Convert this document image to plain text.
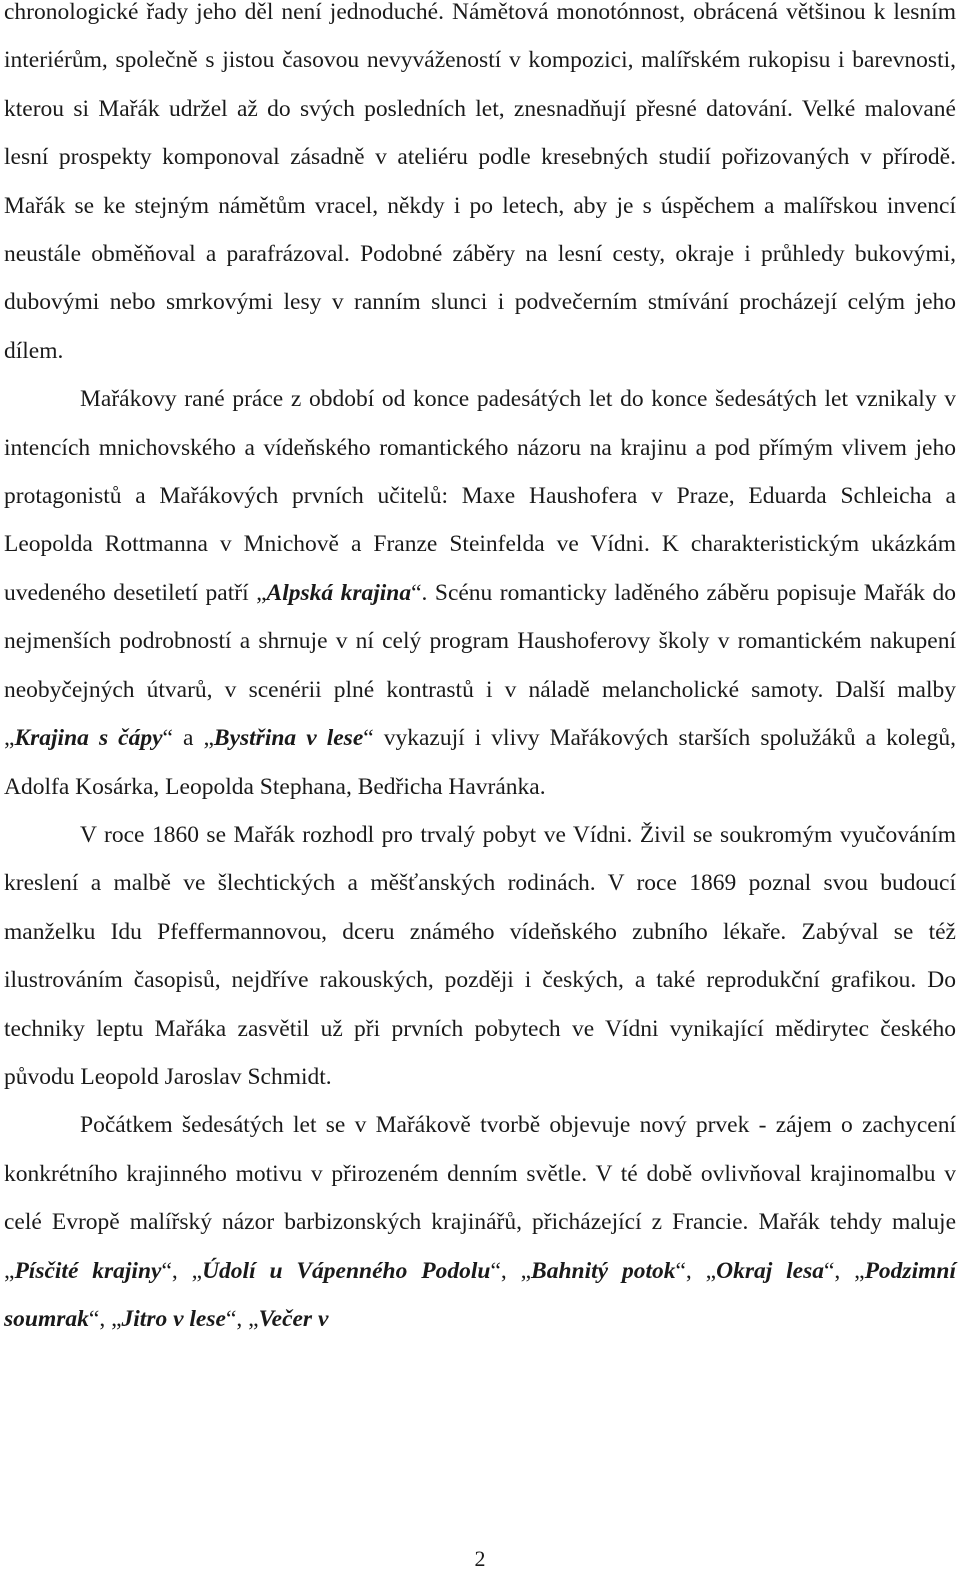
chronologické řady jeho děl není jednoduché. Námětová monotónnost, obrácená většinou k lesním interiérům, společně s jistou časovou nevyvážeností v kompozici, malířském rukopisu i barevnosti, kterou si Mařák udržel až do svých posledních let, znesnadňují přesné datování. Velké malované lesní prospekty komponoval zásadně v ateliéru podle kresebných studií pořizovaných v přírodě. Mařák se ke stejným námětům vracel, někdy i po letech, aby je s úspěchem a malířskou invencí neustále obměňoval a parafrázoval. Podobné záběry na lesní cesty, okraje i průhledy bukovými, dubovými nebo smrkovými lesy v ranním slunci i podvečerním stmívání procházejí celým jeho dílem.

Mařákovy rané práce z období od konce padesátých let do konce šedesátých let vznikaly v intencích mnichovského a vídeňského romantického názoru na krajinu a pod přímým vlivem jeho protagonistů a Mařákových prvních učitelů: Maxe Haushofera v Praze, Eduarda Schleicha a Leopolda Rottmanna v Mnichově a Franze Steinfelda ve Vídni. K charakteristickým ukázkám uvedeného desetiletí patří „Alpská krajina“. Scénu romanticky laděného záběru popisuje Mařák do nejmenších podrobností a shrnuje v ní celý program Haushoferovy školy v romantickém nakupení neobyčejných útvarů, v scenérii plné kontrastů i v náladě melancholické samoty. Další malby „Krajina s čápy“ a „Bystřina v lese“ vykazují i vlivy Mařákových starších spolužáků a kolegů, Adolfa Kosárka, Leopolda Stephana, Bedřicha Havránka.

V roce 1860 se Mařák rozhodl pro trvalý pobyt ve Vídni. Živil se soukromým vyučováním kreslení a malbě ve šlechtických a měšťanských rodinách. V roce 1869 poznal svou budoucí manželku Idu Pfeffermannovou, dceru známého vídeňského zubního lékaře. Zabýval se též ilustrováním časopisů, nejdříve rakouských, později i českých, a také reprodukční grafikou. Do techniky leptu Mařáka zasvětil už při prvních pobytech ve Vídni vynikající mědirytec českého původu Leopold Jaroslav Schmidt.

Počátkem šedesátých let se v Mařákově tvorbě objevuje nový prvek - zájem o zachycení konkrétního krajinného motivu v přirozeném denním světle. V té době ovlivňoval krajinomalbu v celé Evropě malířský názor barbizonských krajinářů, přicházející z Francie. Mařák tehdy maluje „Písčité krajiny“, „Údolí u Vápenného Podolu“, „Bahnitý potok“, „Okraj lesa“, „Podzimní soumrak“, „Jitro v lese“, „Večer v

2
